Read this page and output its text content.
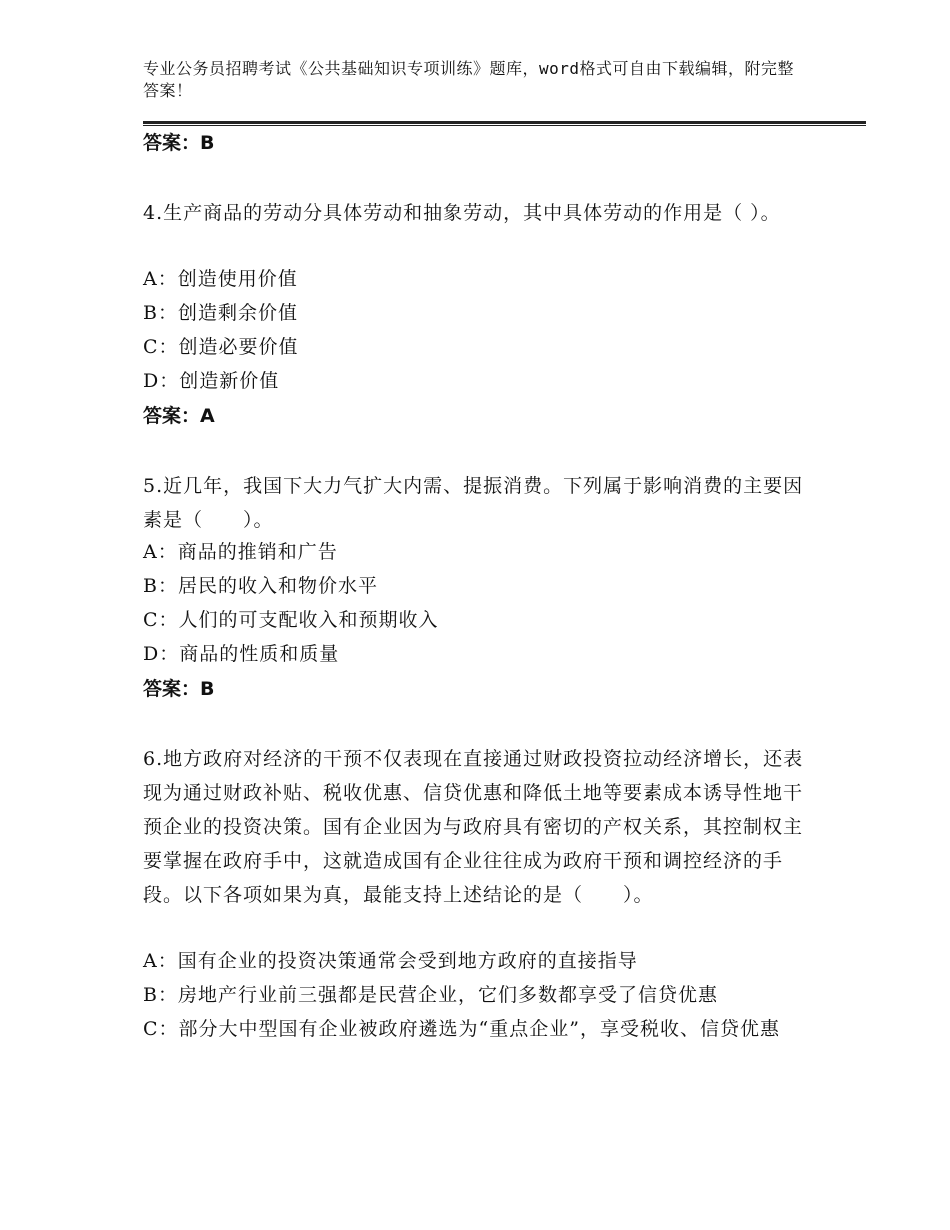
专业公务员招聘考试《公共基础知识专项训练》题库，word格式可自由下载编辑，附完整答案！
答案：B
4.生产商品的劳动分具体劳动和抽象劳动，其中具体劳动的作用是（ ）。
A：创造使用价值
B：创造剩余价值
C：创造必要价值
D：创造新价值
答案：A
5.近几年，我国下大力气扩大内需、提振消费。下列属于影响消费的主要因素是（　　）。
A：商品的推销和广告
B：居民的收入和物价水平
C：人们的可支配收入和预期收入
D：商品的性质和质量
答案：B
6.地方政府对经济的干预不仅表现在直接通过财政投资拉动经济增长，还表现为通过财政补贴、税收优惠、信贷优惠和降低土地等要素成本诱导性地干预企业的投资决策。国有企业因为与政府具有密切的产权关系，其控制权主要掌握在政府手中，这就造成国有企业往往成为政府干预和调控经济的手段。以下各项如果为真，最能支持上述结论的是（　　）。
A：国有企业的投资决策通常会受到地方政府的直接指导
B：房地产行业前三强都是民营企业，它们多数都享受了信贷优惠
C：部分大中型国有企业被政府遴选为“重点企业”，享受税收、信贷优惠
